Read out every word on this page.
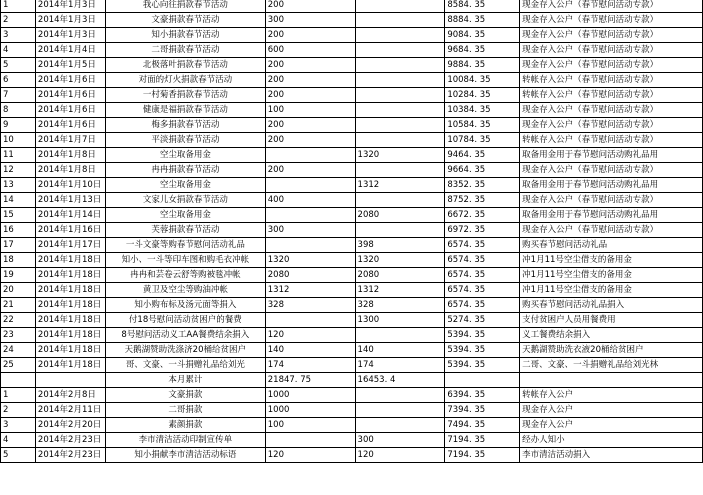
1	2014年1月3日	我心向往捐款春节活动	200		8584. 35	现金存入公户（春节慰问活动专款）
2	2014年1月3日	文豪捐款春节活动	300		8884. 35	现金存入公户（春节慰问活动专款）
3	2014年1月3日	知小捐款春节活动	200		9084. 35	现金存入公户（春节慰问活动专款）
4	2014年1月4日	二哥捐款春节活动	600		9684. 35	现金存入公户（春节慰问活动专款）
5	2014年1月5日	北极落叶捐款春节活动	200		9884. 35	现金存入公户（春节慰问活动专款）
6	2014年1月6日	对面的灯火捐款春节活动	200		10084. 35	转帐存入公户（春节慰问活动专款）
7	2014年1月6日	一村菊香捐款春节活动	200		10284. 35	转帐存入公户（春节慰问活动专款）
8	2014年1月6日	健康是福捐款春节活动	100		10384. 35	现金存入公户（春节慰问活动专款）
9	2014年1月6日	梅多捐款春节活动	200		10584. 35	现金存入公户（春节慰问活动专款）
10	2014年1月7日	平淡捐款春节活动	200		10784. 35	转帐存入公户（春节慰问活动专款）
11	2014年1月8日	空尘取备用金		1320	9464. 35	取备用金用于春节慰问活动购礼品用
12	2014年1月8日	冉冉捐款春节活动	200		9664. 35	现金存入公户（春节慰问活动专款）
13	2014年1月10日	空尘取备用金		1312	8352. 35	取备用金用于春节慰问活动购礼品用
14	2014年1月13日	文家儿女捐款春节活动	400		8752. 35	现金存入公户（春节慰问活动专款）
15	2014年1月14日	空尘取备用金		2080	6672. 35	取备用金用于春节慰问活动购礼品用
16	2014年1月16日	芙蓉捐款春节活动	300		6972. 35	现金存入公户（春节慰问活动专款）
17	2014年1月17日	一斗文豪等购春节慰问活动礼品		398	6574. 35	购买春节慰问活动礼品
18	2014年1月18日	知小、一斗等印车图和购毛衣冲帐	1320	1320	6574. 35	冲1月11号空尘借支的备用金
19	2014年1月18日	冉冉和芸卷云舒等购被毯冲帐	2080	2080	6574. 35	冲1月11号空尘借支的备用金
20	2014年1月18日	黄卫及空尘等购油冲帐	1312	1312	6574. 35	冲1月11号空尘借支的备用金
21	2014年1月18日	知小购布标及汤元面等捐入	328	328	6574. 35	购买春节慰问活动礼品捐入
22	2014年1月18日	付18号慰问活动贫困户的餐费		1300	5274. 35	支付贫困户人员用餐费用
23	2014年1月18日	8号慰问活动义工AA餐费结余捐入	120		5394. 35	义工餐费结余捐入
24	2014年1月18日	天鹅湖赞助洗涤济20桶给贫困户	140	140	5394. 35	天鹅湖赞助洗衣液20桶给贫困户
25	2014年1月18日	哥、文豪、一斗捐赠礼品给刘光	174	174	5394. 35	二哥、文豪、一斗捐赠礼品给刘光林
		本月累计	21847. 75	16453. 4		
1	2014年2月8日	文豪捐款	1000		6394. 35	转帐存入公户
2	2014年2月11日	二哥捐款	1000		7394. 35	现金存入公户
3	2014年2月20日	素颜捐款	100		7494. 35	现金存入公户
4	2014年2月23日	李市清洁活动印制宣传单		300	7194. 35	经办人知小
5	2014年2月23日	知小捐献李市清洁活动标语	120	120	7194. 35	李市清洁活动捐入
